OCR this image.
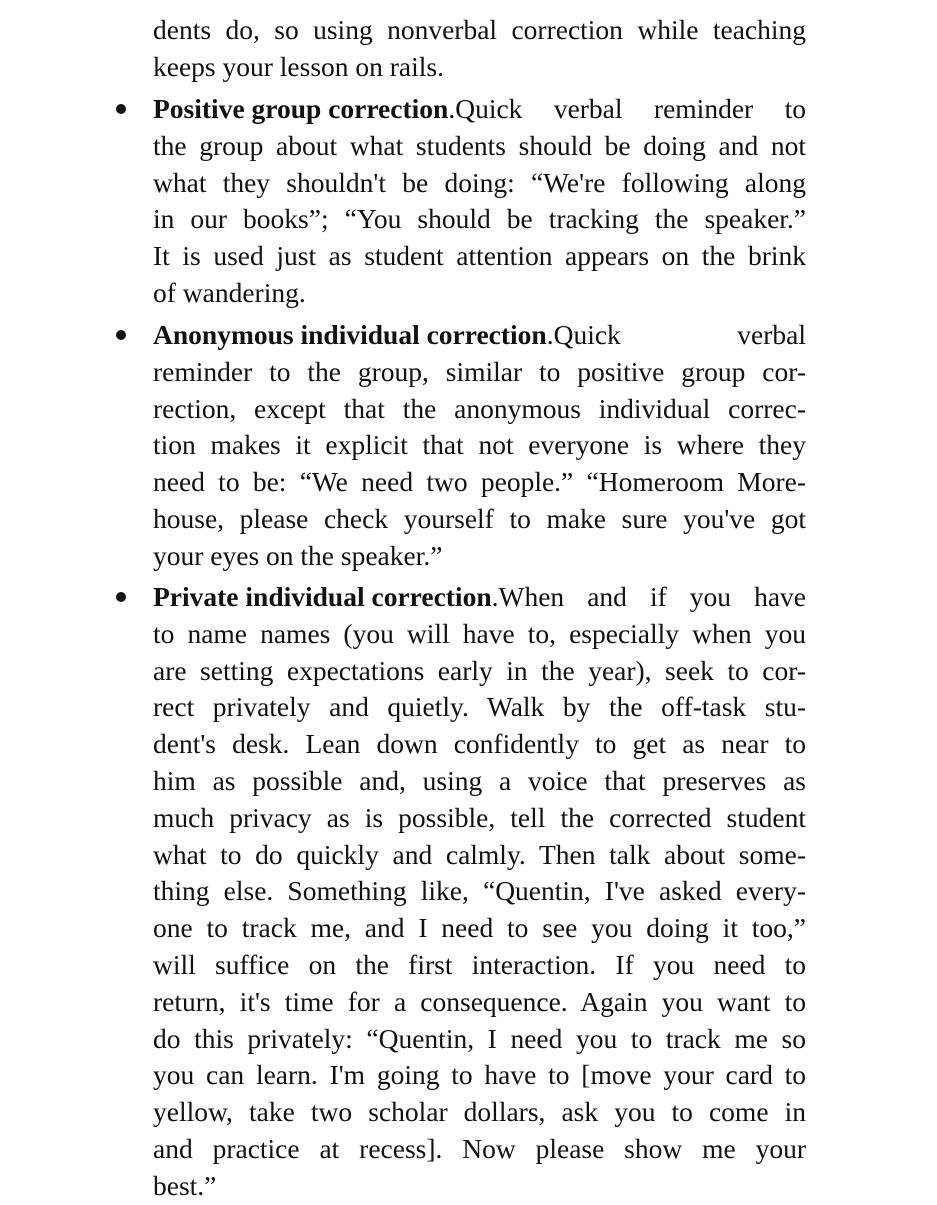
dents do, so using nonverbal correction while teaching
keeps your lesson on rails.
Positive group correction . Quick verbal reminder to
the group about what students should be doing and not
what they shouldn't be doing: “We're following along
in our books”; “You should be tracking the speaker.”
It is used just as student attention appears on the brink
of wandering.
Anonymous individual correction . Quick verbal
reminder to the group, similar to positive group cor-
rection, except that the anonymous individual correc-
tion makes it explicit that not everyone is where they
need to be: “We need two people.” “Homeroom More-
house, please check yourself to make sure you've got
your eyes on the speaker.”
Private individual correction . When and if you have
to name names (you will have to, especially when you
are setting expectations early in the year), seek to cor-
rect privately and quietly. Walk by the off-task stu-
dent's desk. Lean down confidently to get as near to
him as possible and, using a voice that preserves as
much privacy as is possible, tell the corrected student
what to do quickly and calmly. Then talk about some-
thing else. Something like, “Quentin, I've asked every-
one to track me, and I need to see you doing it too,”
will suffice on the first interaction. If you need to
return, it's time for a consequence. Again you want to
do this privately: “Quentin, I need you to track me so
you can learn. I'm going to have to [move your card to
yellow, take two scholar dollars, ask you to come in
and practice at recess]. Now please show me your
best.”
